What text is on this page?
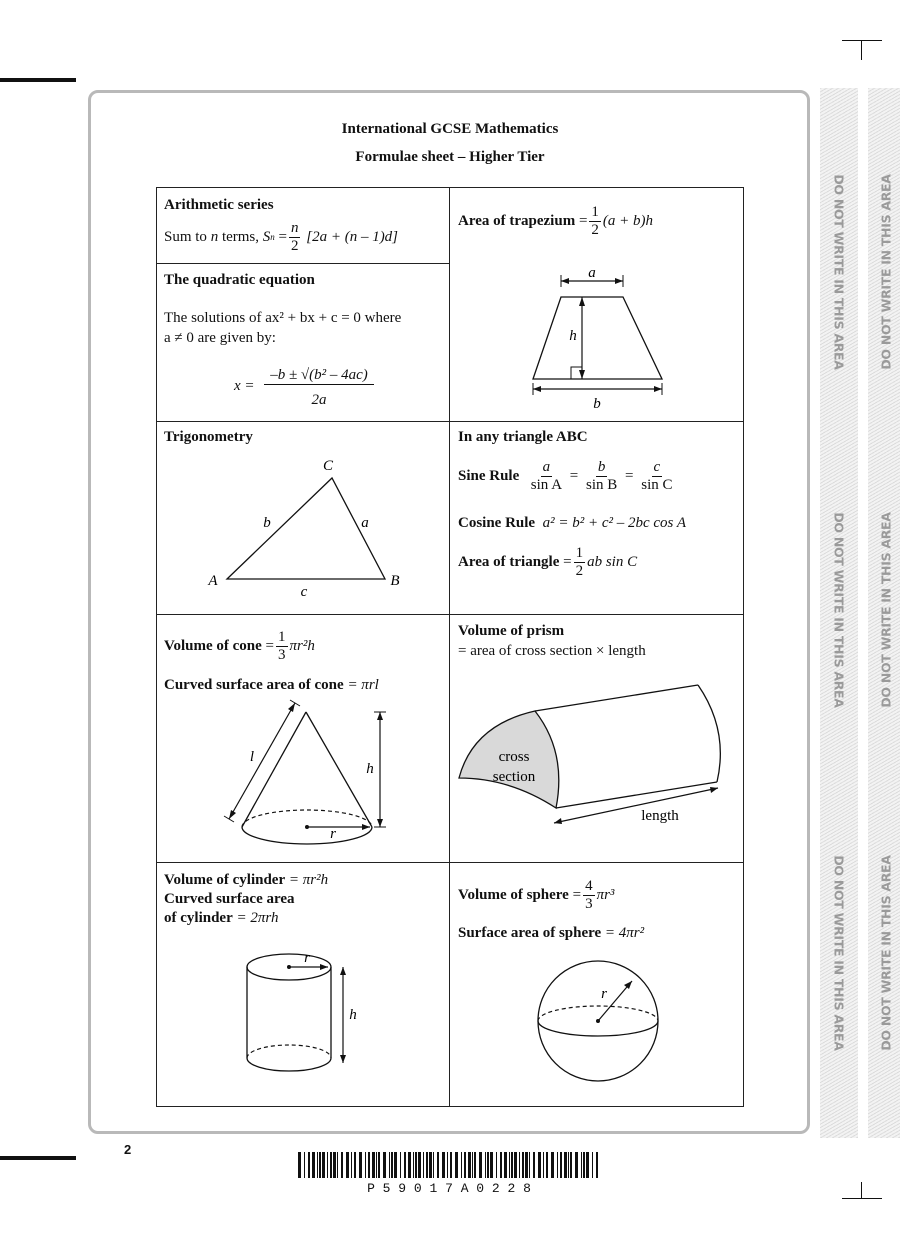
DO NOT WRITE IN THIS AREA
DO NOT WRITE IN THIS AREA
DO NOT WRITE IN THIS AREA
DO NOT WRITE IN THIS AREA
DO NOT WRITE IN THIS AREA
DO NOT WRITE IN THIS AREA
International GCSE Mathematics
Formulae sheet – Higher Tier
Arithmetic series
Sum to
n
terms,
S n
= $\frac{n}{2}$
[2a + (n – 1)d]
The quadratic equation
The solutions of ax² + bx + c = 0 where
a ≠ 0 are given by:
x =
–b ± √(b² – 4ac)
2a
Area of trapezium
= $\frac{1}{2} (a + b)h$
a
h
b
Trigonometry
C
A	B
b	a
c
In any triangle ABC
Sine Rule
$\frac{a}{\text{sin A}}$
=
$\frac{b}{\text{sin B}}$
=
$\frac{c}{\text{sin C}}$
Cosine Rule a² = b² + c² – 2bc cos A
Area of triangle
= $\frac{1}{2}$ ab sin C
Volume of cone
= $\frac{1}{3} \pi r^2h$
Curved surface area of cone = πrl
l
h
r
Volume of prism
= area of cross section × length
cross
section
length
Volume of cylinder = πr²h
Curved surface area
of cylinder = 2πrh
r
h
Volume of sphere
= $\frac{4}{3} \pi r^3$
Surface area of sphere = 4πr²
r
2
P 5 9 0 1 7 A 0 2 2 8
